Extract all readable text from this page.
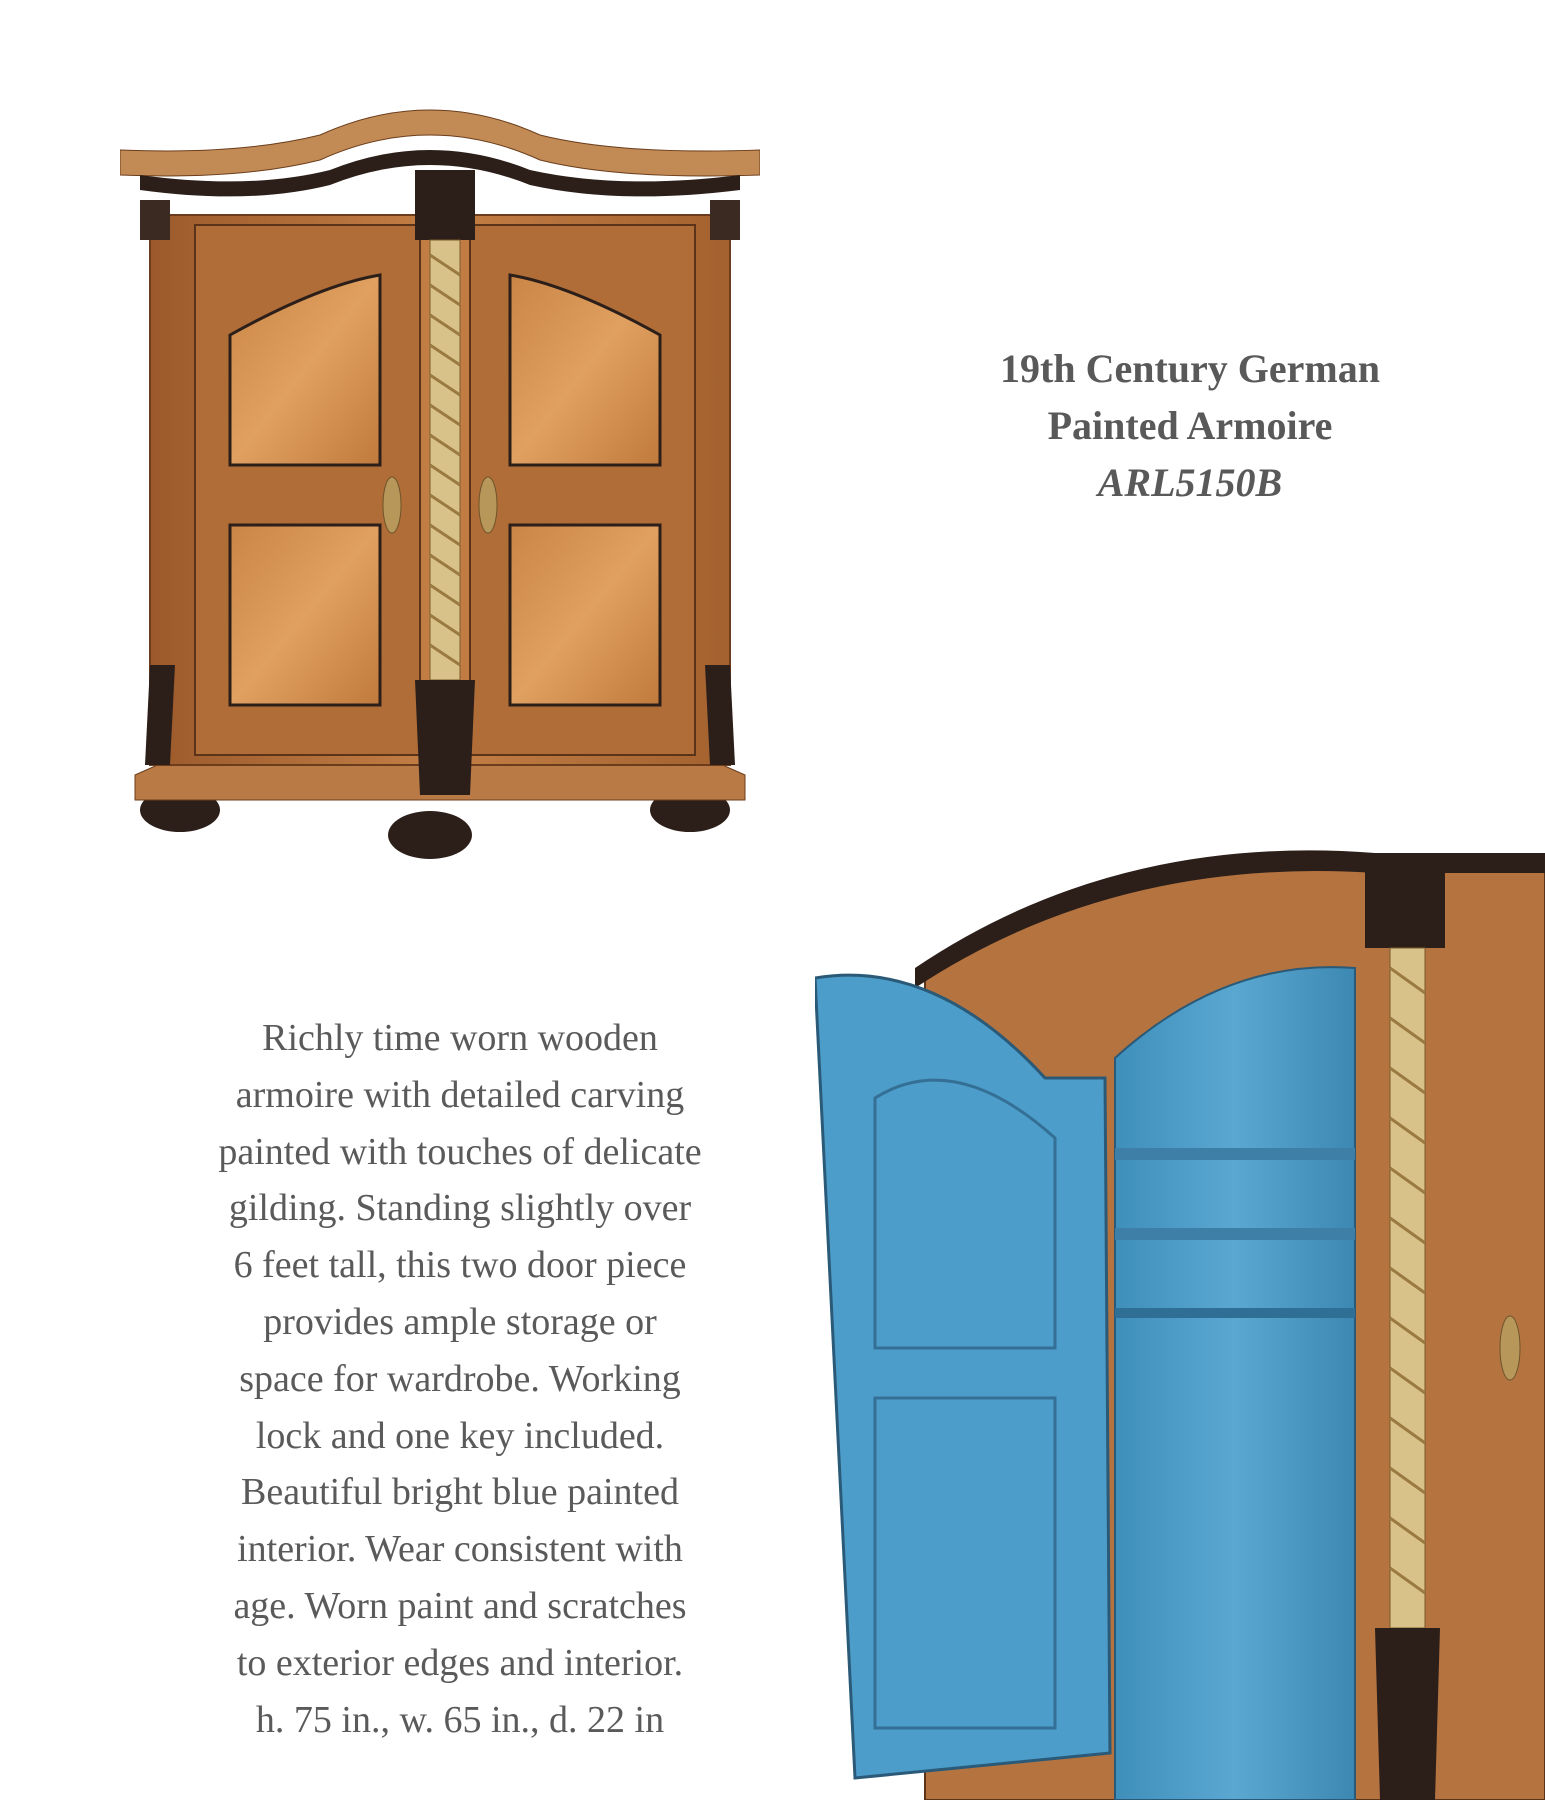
19th Century German
Painted Armoire
ARL5150B

Richly time worn wooden

armoire with detailed carving

painted with touches of delicate

gilding. Standing slightly over

6 feet tall, this two door piece

provides ample storage or

space for wardrobe. Working

lock and one key included.

Beautiful bright blue painted

interior. Wear consistent with

age. Worn paint and scratches

to exterior edges and interior.

h. 75 in., w. 65 in., d. 22 in
